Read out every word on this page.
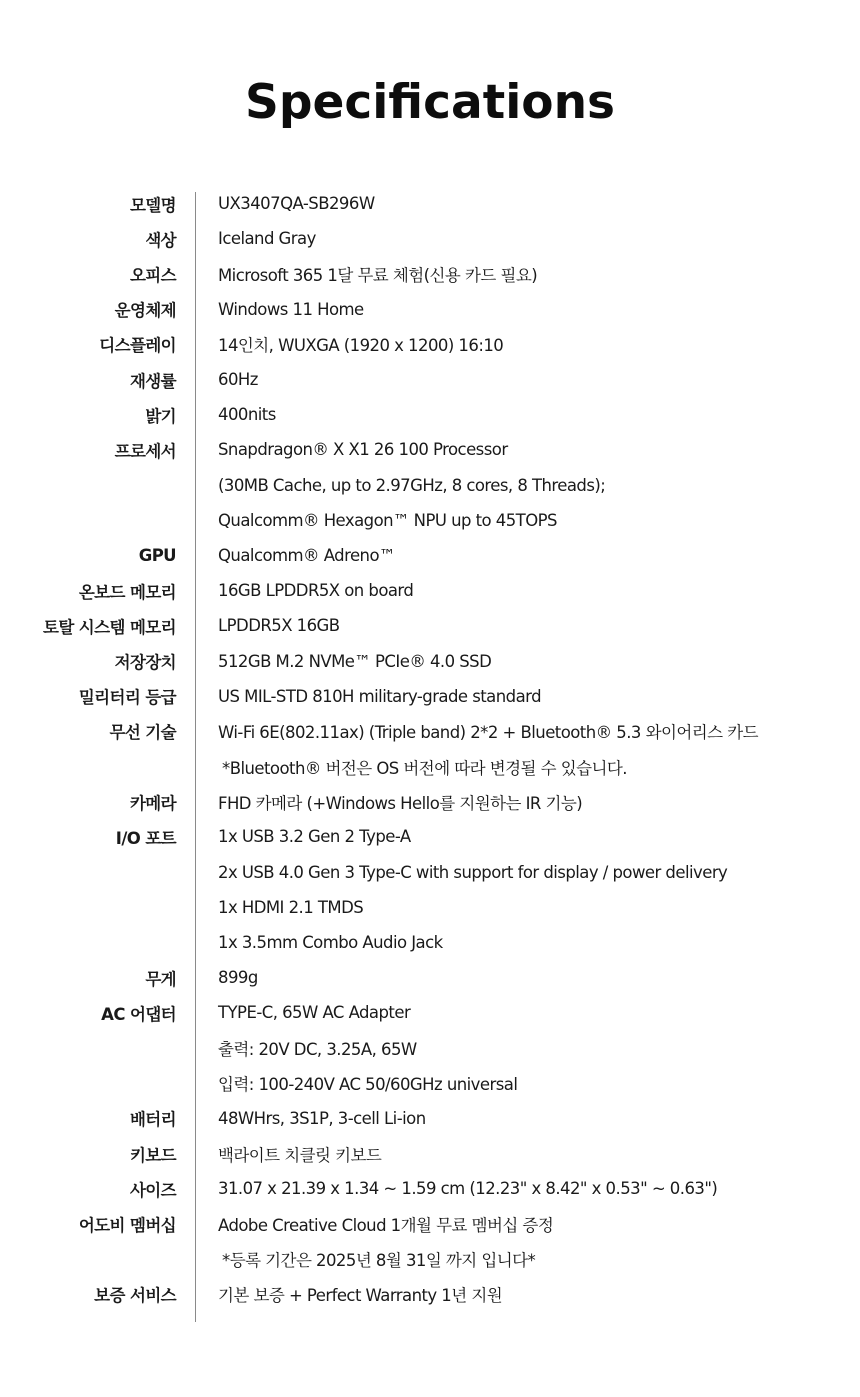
Specifications
모델명	UX3407QA-SB296W
색상	Iceland Gray
오피스	Microsoft 365 1달 무료 체험(신용 카드 필요)
운영체제	Windows 11 Home
디스플레이	14인치, WUXGA (1920 x 1200) 16:10
재생률	60Hz
밝기	400nits
프로세서	Snapdragon® X X1 26 100 Processor
(30MB Cache, up to 2.97GHz, 8 cores, 8 Threads);
Qualcomm® Hexagon™ NPU up to 45TOPS
GPU	Qualcomm® Adreno™
온보드 메모리	16GB LPDDR5X on board
토탈 시스템 메모리	LPDDR5X 16GB
저장장치	512GB M.2 NVMe™ PCIe® 4.0 SSD
밀리터리 등급	US MIL-STD 810H military-grade standard
무선 기술	Wi-Fi 6E(802.11ax) (Triple band) 2*2 + Bluetooth® 5.3 와이어리스 카드
*Bluetooth® 버전은 OS 버전에 따라 변경될 수 있습니다.
카메라	FHD 카메라 (+Windows Hello를 지원하는 IR 기능)
I/O 포트	1x USB 3.2 Gen 2 Type-A
2x USB 4.0 Gen 3 Type-C with support for display / power delivery
1x HDMI 2.1 TMDS
1x 3.5mm Combo Audio Jack
무게	899g
AC 어댑터	TYPE-C, 65W AC Adapter
출력: 20V DC, 3.25A, 65W
입력: 100-240V AC 50/60GHz universal
배터리	48WHrs, 3S1P, 3-cell Li-ion
키보드	백라이트 치클릿 키보드
사이즈	31.07 x 21.39 x 1.34 ~ 1.59 cm (12.23" x 8.42" x 0.53" ~ 0.63")
어도비 멤버십	Adobe Creative Cloud 1개월 무료 멤버십 증정
*등록 기간은 2025년 8월 31일 까지 입니다*
보증 서비스	기본 보증 + Perfect Warranty 1년 지원
